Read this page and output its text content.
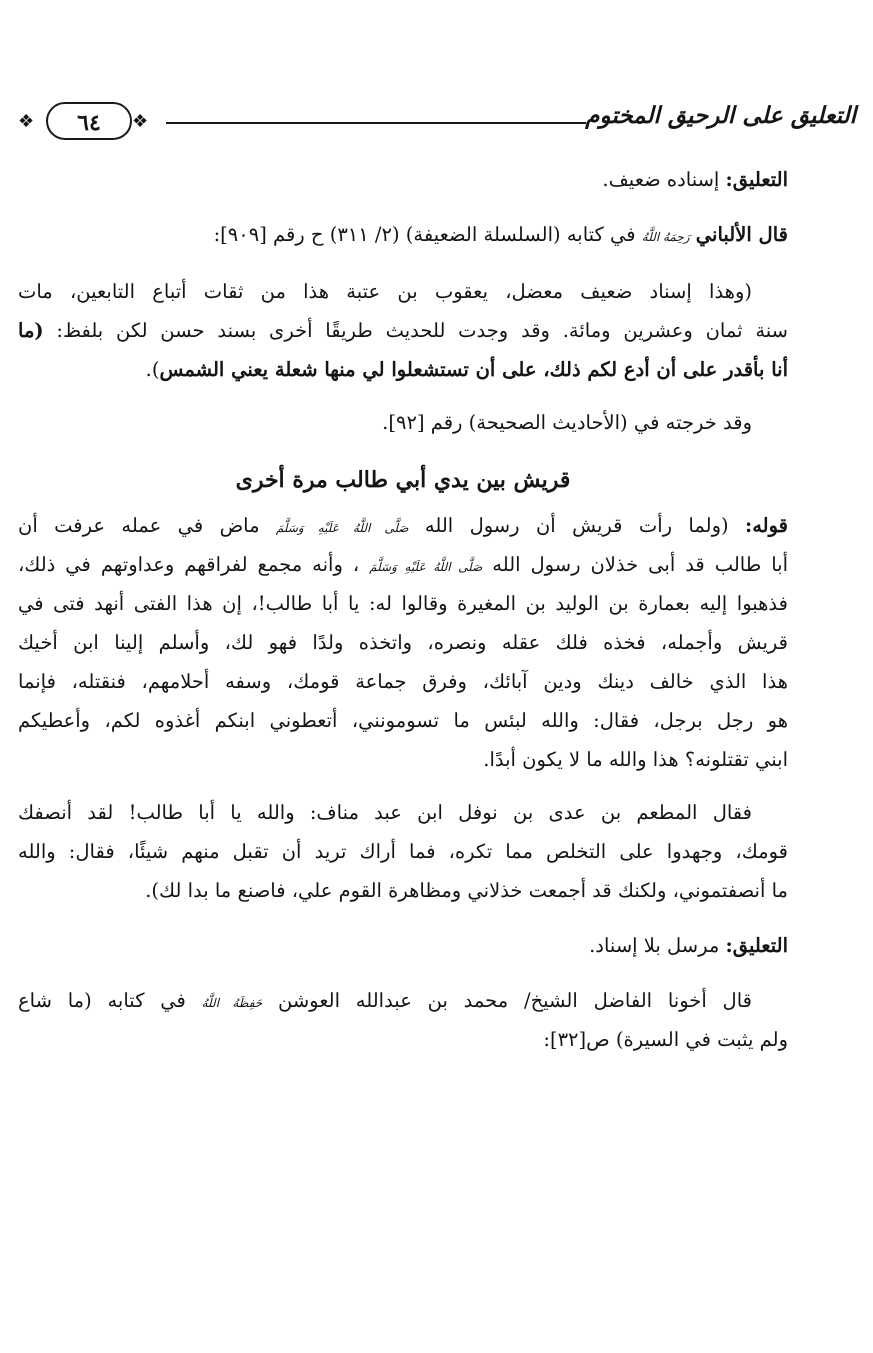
❖	٦٤	❖	التعليق على الرحيق المختوم
التعليق: إسناده ضعيف.
قال الألباني رَحِمَهُ اللَّهُ في كتابه (السلسلة الضعيفة) (٢/ ٣١١) ح رقم [٩٠٩]:
(وهذا إسناد ضعيف معضل، يعقوب بن عتبة هذا من ثقات أتباع التابعين، مات
سنة ثمان وعشرين ومائة. وقد وجدت للحديث طريقًا أخرى بسند حسن لكن بلفظ: (ما
أنا بأقدر على أن أدع لكم ذلك، على أن تستشعلوا لي منها شعلة يعني الشمس).
وقد خرجته في (الأحاديث الصحيحة) رقم [٩٢].
قريش بين يدي أبي طالب مرة أخرى
قوله: (ولما رأت قريش أن رسول الله صَلَّى اللَّهُ عَلَيْهِ وَسَلَّمَ ماض في عمله عرفت أن
أبا طالب قد أبى خذلان رسول الله صَلَّى اللَّهُ عَلَيْهِ وَسَلَّمَ ، وأنه مجمع لفراقهم وعداوتهم في ذلك،
فذهبوا إليه بعمارة بن الوليد بن المغيرة وقالوا له: يا أبا طالب!، إن هذا الفتى أنهد فتى في
قريش وأجمله، فخذه فلك عقله ونصره، واتخذه ولدًا فهو لك، وأسلم إلينا ابن أخيك
هذا الذي خالف دينك ودين آبائك، وفرق جماعة قومك، وسفه أحلامهم، فنقتله، فإنما
هو رجل برجل، فقال: والله لبئس ما تسومونني، أتعطوني ابنكم أغذوه لكم، وأعطيكم
ابني تقتلونه؟ هذا والله ما لا يكون أبدًا.
فقال المطعم بن عدى بن نوفل ابن عبد مناف: والله يا أبا طالب! لقد أنصفك
قومك، وجهدوا على التخلص مما تكره، فما أراك تريد أن تقبل منهم شيئًا، فقال: والله
ما أنصفتموني، ولكنك قد أجمعت خذلاني ومظاهرة القوم علي، فاصنع ما بدا لك).
التعليق: مرسل بلا إسناد.
قال أخونا الفاضل الشيخ/ محمد بن عبدالله العوشن حَفِظَهُ اللَّهُ في كتابه (ما شاع
ولم يثبت في السيرة) ص[٣٢]:
